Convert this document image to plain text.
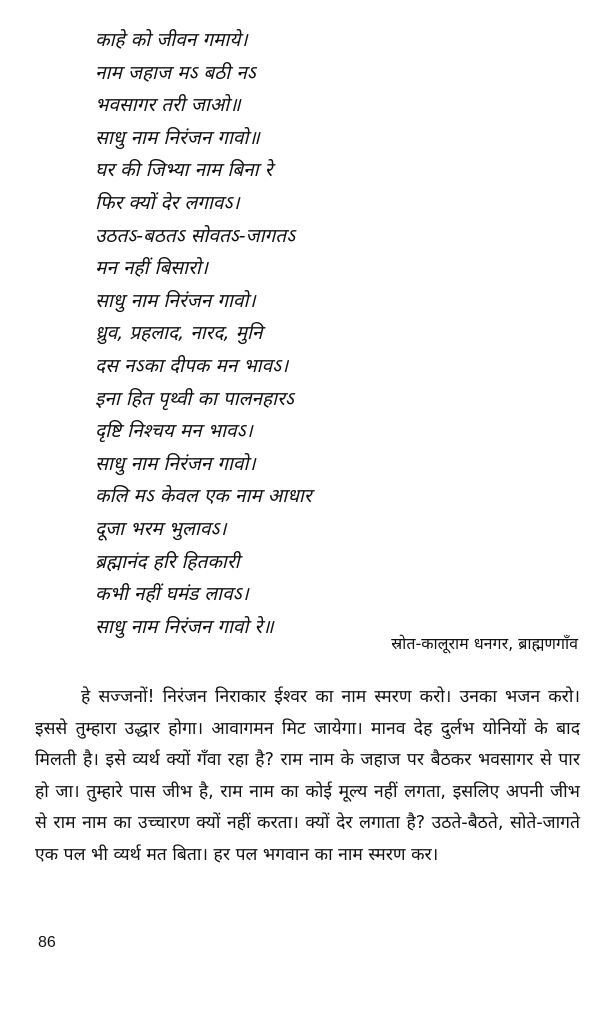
काहे को जीवन गमाये।
नाम जहाज मऽ बठी नऽ
भवसागर तरी जाओ॥
साधु नाम निरंजन गावो॥
घर की जिभ्या नाम बिना रे
फिर क्यों देर लगावऽ।
उठतऽ-बठतऽ सोवतऽ-जागतऽ
मन नहीं बिसारो।
साधु नाम निरंजन गावो।
ध्रुव, प्रहलाद, नारद, मुनि
दस नऽका दीपक मन भावऽ।
इना हित पृथ्वी का पालनहारऽ
दृष्टि निश्चय मन भावऽ।
साधु नाम निरंजन गावो।
कलि मऽ केवल एक नाम आधार
दूजा भरम भुलावऽ।
ब्रह्मानंद हरि हितकारी
कभी नहीं घमंड लावऽ।
साधु नाम निरंजन गावो रे॥
स्रोत-कालूराम धनगर, ब्राह्मणगाँव

हे सज्जनों! निरंजन निराकार ईश्वर का नाम स्मरण करो। उनका भजन करो। इससे तुम्हारा उद्धार होगा। आवागमन मिट जायेगा। मानव देह दुर्लभ योनियों के बाद मिलती है। इसे व्यर्थ क्यों गँवा रहा है? राम नाम के जहाज पर बैठकर भवसागर से पार हो जा। तुम्हारे पास जीभ है, राम नाम का कोई मूल्य नहीं लगता, इसलिए अपनी जीभ से राम नाम का उच्चारण क्यों नहीं करता। क्यों देर लगाता है? उठते-बैठते, सोते-जागते एक पल भी व्यर्थ मत बिता। हर पल भगवान का नाम स्मरण कर।

86
